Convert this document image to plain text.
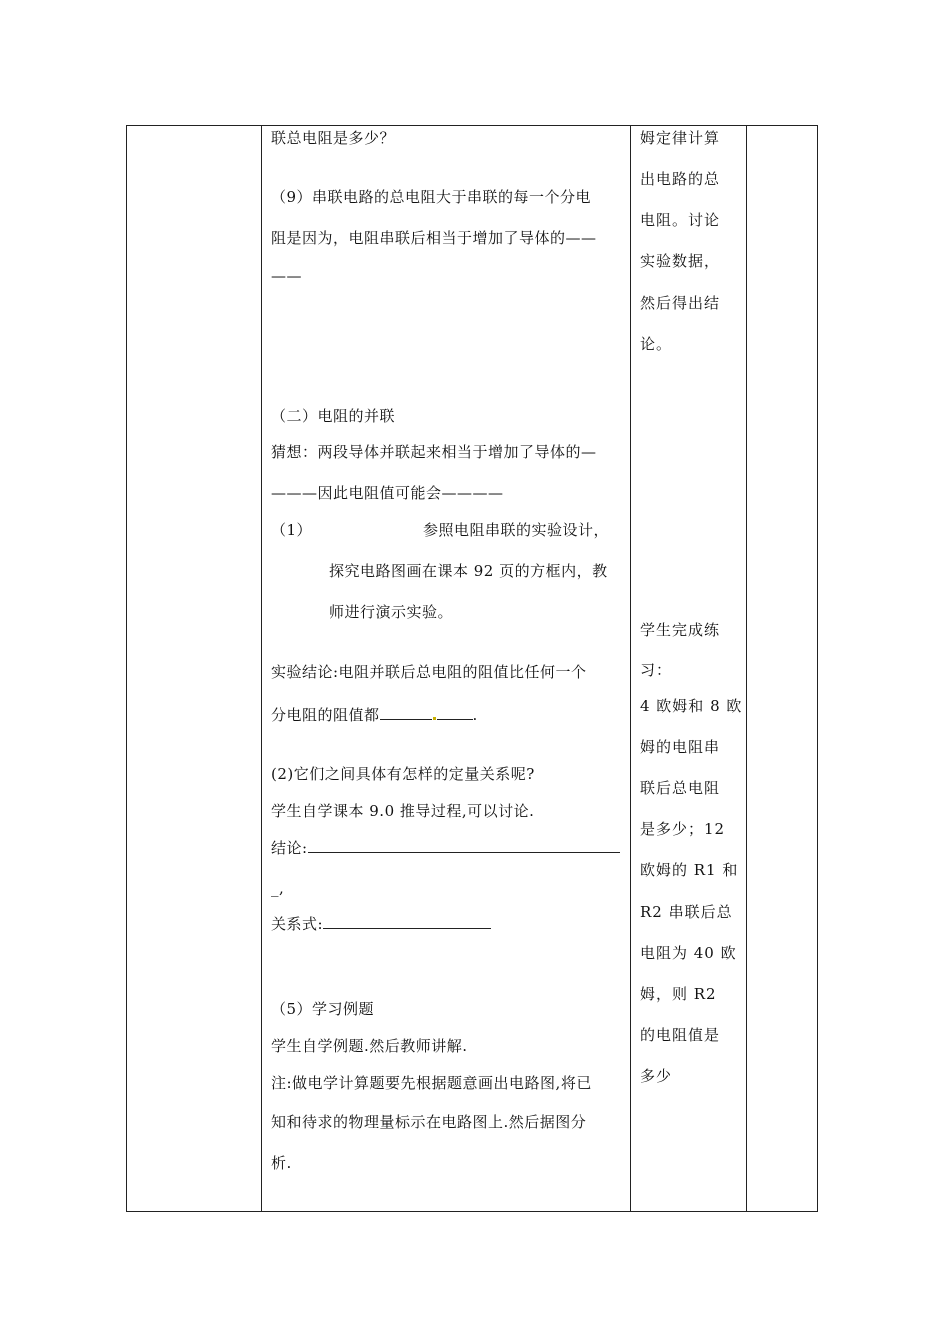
联总电阻是多少？
（9）串联电路的总电阻大于串联的每一个分电
阻是因为，电阻串联后相当于增加了导体的——
——
（二）电阻的并联
猜想：两段导体并联起来相当于增加了导体的—
———因此电阻值可能会————
（1）	参照电阻串联的实验设计，
探究电路图画在课本 92 页的方框内，教
师进行演示实验。
实验结论:电阻并联后总电阻的阻值比任何一个
分电阻的阻值都	.
(2)它们之间具体有怎样的定量关系呢?
学生自学课本 9.0 推导过程,可以讨论.
结论:
_,
关系式:
（5）学习例题
学生自学例题.然后教师讲解.
注:做电学计算题要先根据题意画出电路图,将已
知和待求的物理量标示在电路图上.然后据图分
析.
姆定律计算
出电路的总
电阻。讨论
实验数据，
然后得出结
论。
学生完成练
习：
4 欧姆和 8 欧
姆的电阻串
联后总电阻
是多少；12
欧姆的 R1 和
R2 串联后总
电阻为 40 欧
姆，则 R2
的电阻值是
多少
